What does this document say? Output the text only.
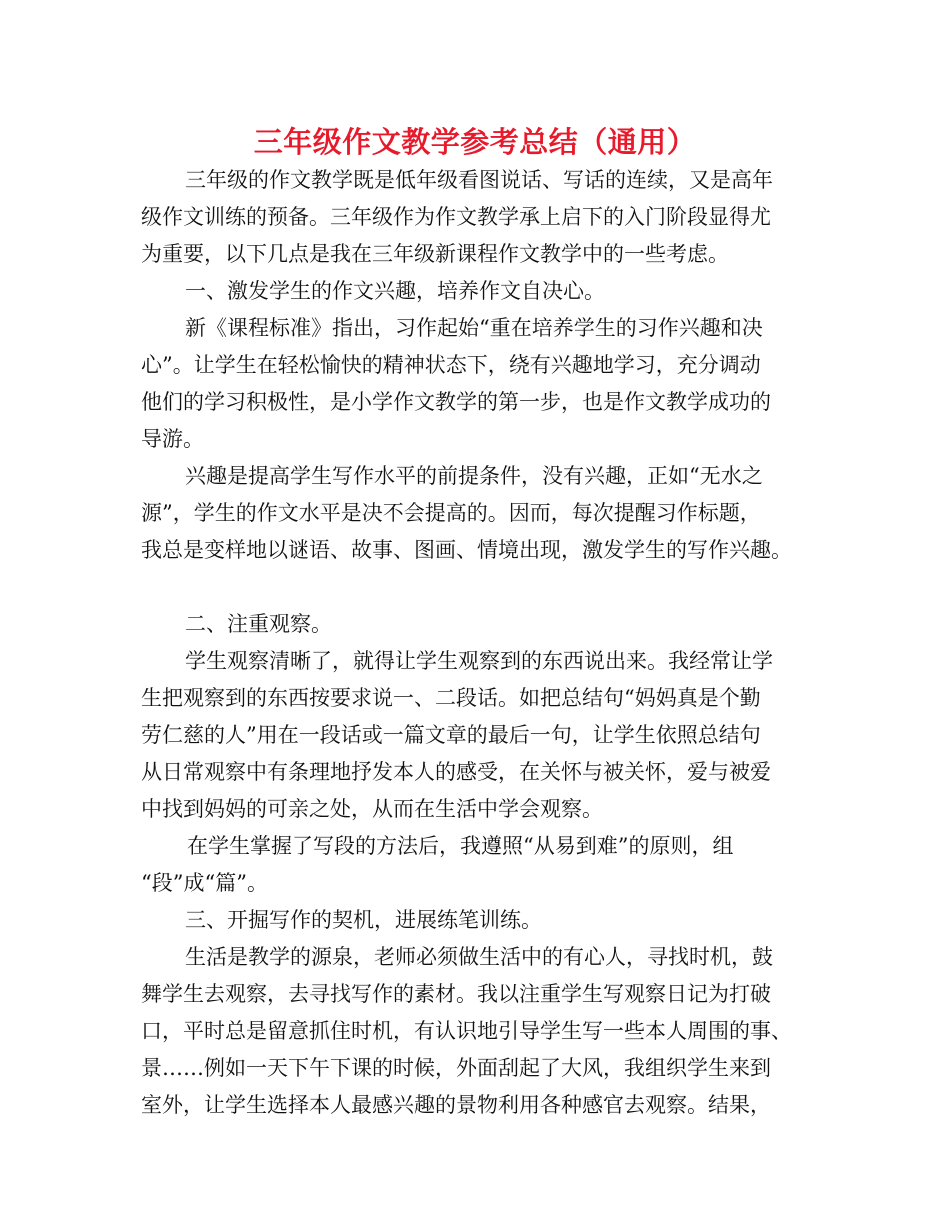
三年级作文教学参考总结（通用）
三年级的作文教学既是低年级看图说话、写话的连续，又是高年
级作文训练的预备。三年级作为作文教学承上启下的入门阶段显得尤
为重要，以下几点是我在三年级新课程作文教学中的一些考虑。
一、激发学生的作文兴趣，培养作文自决心。
新《课程标准》指出，习作起始“重在培养学生的习作兴趣和决
心”。让学生在轻松愉快的精神状态下，绕有兴趣地学习，充分调动
他们的学习积极性，是小学作文教学的第一步，也是作文教学成功的
导游。
兴趣是提高学生写作水平的前提条件，没有兴趣，正如“无水之
源”，学生的作文水平是决不会提高的。因而，每次提醒习作标题，
我总是变样地以谜语、故事、图画、情境出现，激发学生的写作兴趣。
二、注重观察。
学生观察清晰了，就得让学生观察到的东西说出来。我经常让学
生把观察到的东西按要求说一、二段话。如把总结句“妈妈真是个勤
劳仁慈的人”用在一段话或一篇文章的最后一句，让学生依照总结句
从日常观察中有条理地抒发本人的感受，在关怀与被关怀，爱与被爱
中找到妈妈的可亲之处，从而在生活中学会观察。
在学生掌握了写段的方法后，我遵照“从易到难”的原则，组
“段”成“篇”。
三、开掘写作的契机，进展练笔训练。
生活是教学的源泉，老师必须做生活中的有心人，寻找时机，鼓
舞学生去观察，去寻找写作的素材。我以注重学生写观察日记为打破
口，平时总是留意抓住时机，有认识地引导学生写一些本人周围的事、
景……例如一天下午下课的时候，外面刮起了大风，我组织学生来到
室外，让学生选择本人最感兴趣的景物利用各种感官去观察。结果，
